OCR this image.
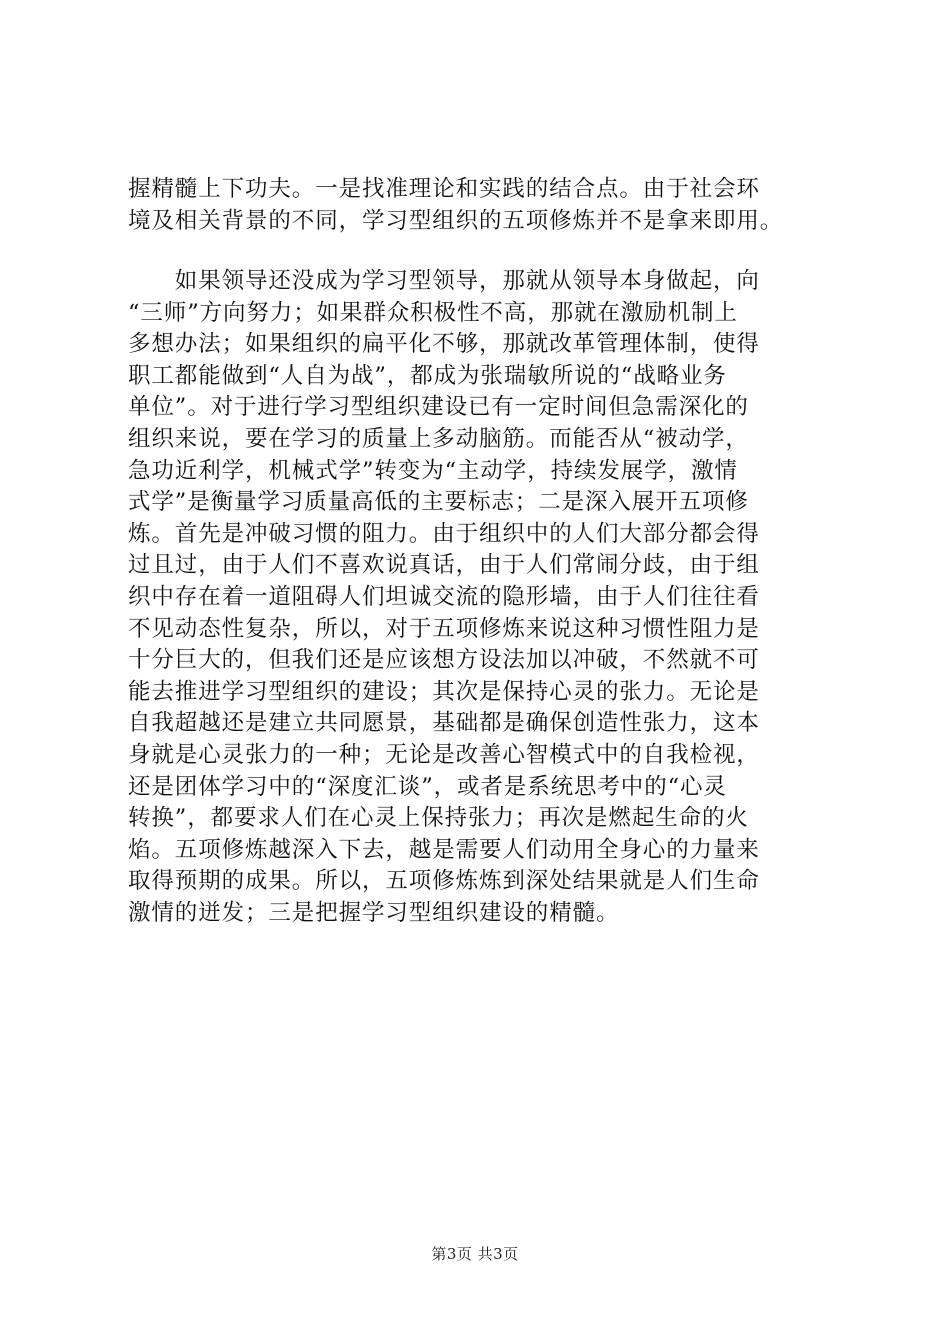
握精髓上下功夫。一是找准理论和实践的结合点。由于社会环
境及相关背景的不同，学习型组织的五项修炼并不是拿来即用。
　　如果领导还没成为学习型领导，那就从领导本身做起，向
“三师”方向努力；如果群众积极性不高，那就在激励机制上
多想办法；如果组织的扁平化不够，那就改革管理体制，使得
职工都能做到“人自为战”，都成为张瑞敏所说的“战略业务
单位”。对于进行学习型组织建设已有一定时间但急需深化的
组织来说，要在学习的质量上多动脑筋。而能否从“被动学，
急功近利学，机械式学”转变为“主动学，持续发展学，激情
式学”是衡量学习质量高低的主要标志；二是深入展开五项修
炼。首先是冲破习惯的阻力。由于组织中的人们大部分都会得
过且过，由于人们不喜欢说真话，由于人们常闹分歧，由于组
织中存在着一道阻碍人们坦诚交流的隐形墙，由于人们往往看
不见动态性复杂，所以，对于五项修炼来说这种习惯性阻力是
十分巨大的，但我们还是应该想方设法加以冲破，不然就不可
能去推进学习型组织的建设；其次是保持心灵的张力。无论是
自我超越还是建立共同愿景，基础都是确保创造性张力，这本
身就是心灵张力的一种；无论是改善心智模式中的自我检视，
还是团体学习中的“深度汇谈”，或者是系统思考中的“心灵
转换”，都要求人们在心灵上保持张力；再次是燃起生命的火
焰。五项修炼越深入下去，越是需要人们动用全身心的力量来
取得预期的成果。所以，五项修炼炼到深处结果就是人们生命
激情的迸发；三是把握学习型组织建设的精髓。
第3页 共3页
